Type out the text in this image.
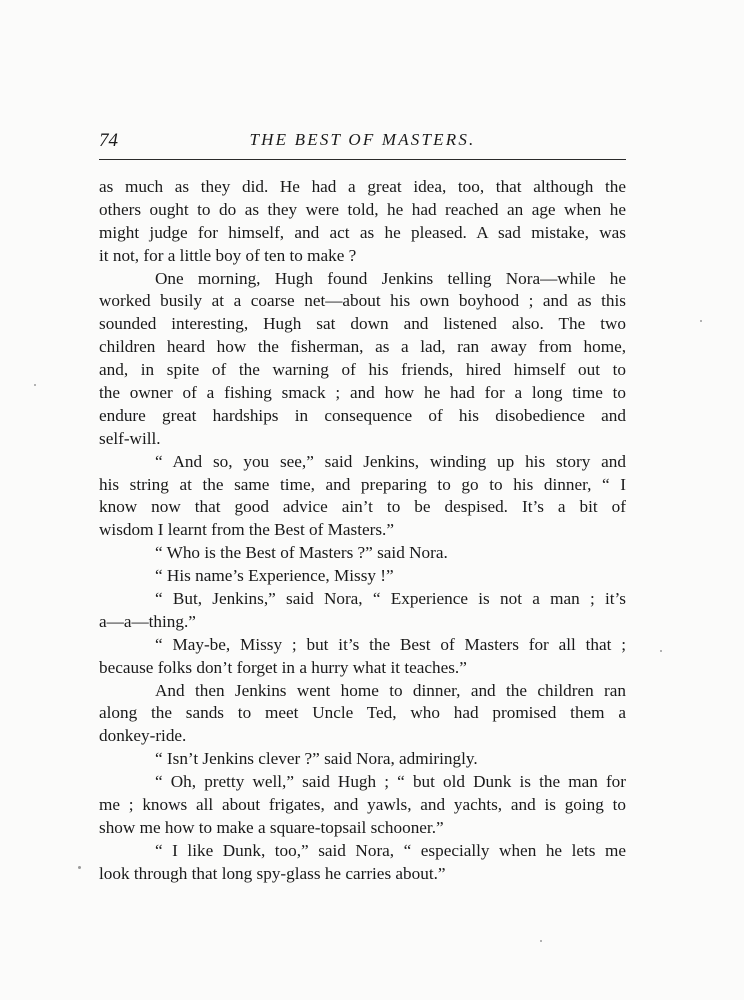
74	THE BEST OF MASTERS.
as much as they did. He had a great idea, too, that although the
others ought to do as they were told, he had reached an age when he
might judge for himself, and act as he pleased. A sad mistake, was
it not, for a little boy of ten to make ?
One morning, Hugh found Jenkins telling Nora—while he
worked busily at a coarse net—about his own boyhood ; and as this
sounded interesting, Hugh sat down and listened also. The two
children heard how the fisherman, as a lad, ran away from home,
and, in spite of the warning of his friends, hired himself out to
the owner of a fishing smack ; and how he had for a long time to
endure great hardships in consequence of his disobedience and
self-will.
“ And so, you see,” said Jenkins, winding up his story and
his string at the same time, and preparing to go to his dinner, “ I
know now that good advice ain’t to be despised. It’s a bit of
wisdom I learnt from the Best of Masters.”
“ Who is the Best of Masters ?” said Nora.
“ His name’s Experience, Missy !”
“ But, Jenkins,” said Nora, “ Experience is not a man ; it’s
a—a—thing.”
“ May-be, Missy ; but it’s the Best of Masters for all that ;
because folks don’t forget in a hurry what it teaches.”
And then Jenkins went home to dinner, and the children ran
along the sands to meet Uncle Ted, who had promised them a
donkey-ride.
“ Isn’t Jenkins clever ?” said Nora, admiringly.
“ Oh, pretty well,” said Hugh ; “ but old Dunk is the man for
me ; knows all about frigates, and yawls, and yachts, and is going to
show me how to make a square-topsail schooner.”
“ I like Dunk, too,” said Nora, “ especially when he lets me
look through that long spy-glass he carries about.”
